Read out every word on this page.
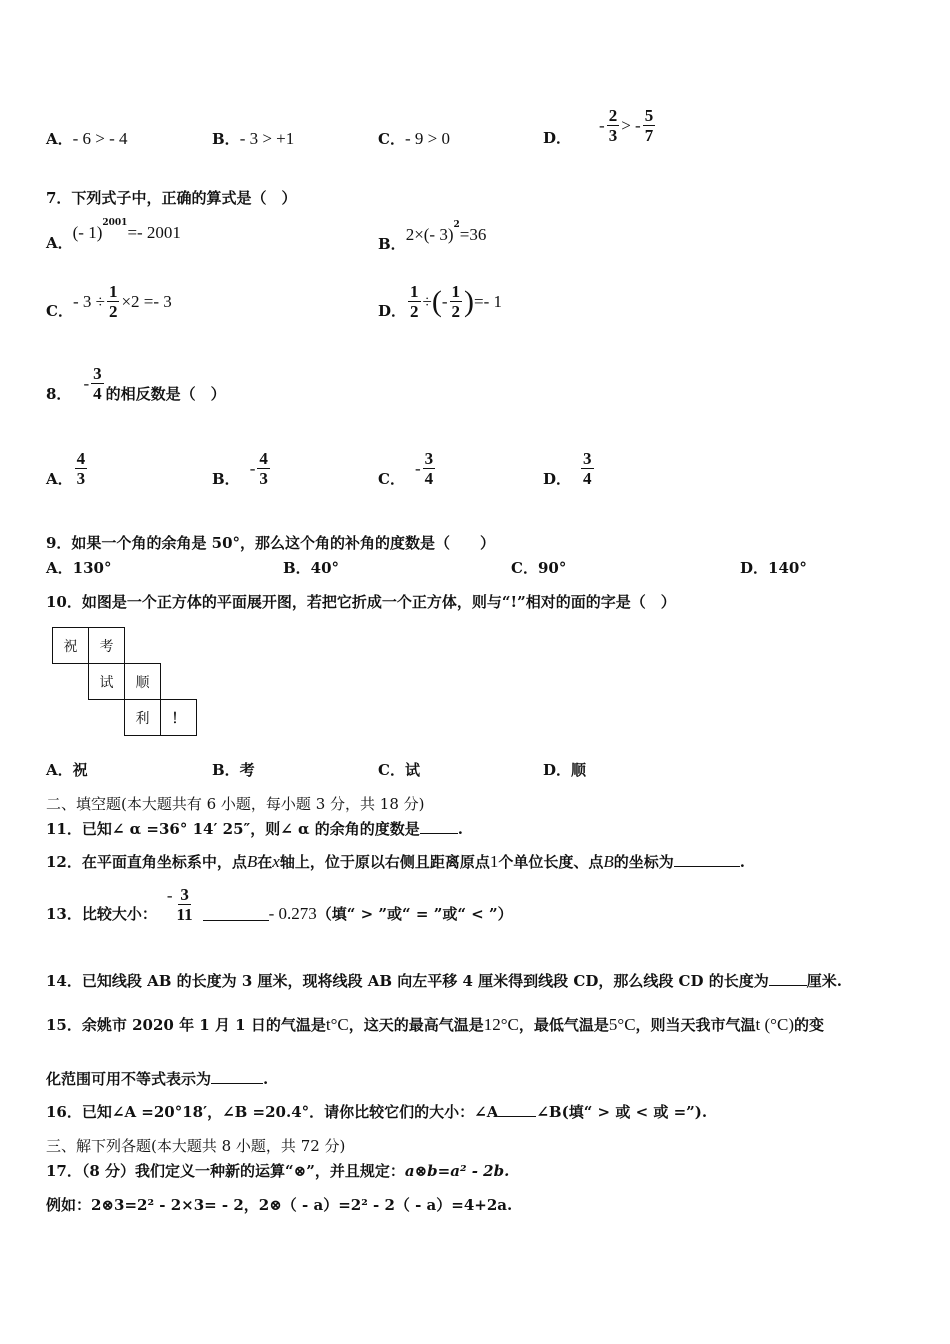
A．- 6 > - 4	B．- 3 > +1	C．- 9 > 0	D．
- $\frac{2}{3}$ > - $\frac{5}{7}$
7．下列式子中，正确的算式是（　）
A．(- 1)$^{2001}$=- 2001
B．2×(- 3)$^2$=36
C．
- $3 \div \frac{1}{2} \times 2 =- 3$
D． $\frac{1}{2}$ ÷ ( - $\frac{1}{2}$ ) =- 1
8．
- $\frac{3}{4}$ 的相反数是（　）
A． $\frac{4}{3}$	B．
- $\frac{4}{3}$	C．
- $\frac{3}{4}$	D． $\frac{3}{4}$
9．如果一个角的余角是 50°，那么这个角的补角的度数是（　　）
A．130°	B．40°	C．90°	D．140°
10．如图是一个正方体的平面展开图，若把它折成一个正方体，则与“!”相对的面的字是（　）
祝	考
试	顺
利	！
A．祝	B．考	C．试	D．顺
二、填空题(本大题共有 6 小题，每小题 3 分，共 18 分)
11．已知∠ α =36° 14′ 25″，则∠ α 的余角的度数是	.
12．在平面直角坐标系中，点B在x轴上，位于原以右侧且距离原点1个单位长度、点B的坐标为	.
13．比较大小：
- $\frac{3}{11}$	- 0.273 （填“ > ”或“ = ”或“ < ”）
14．已知线段 AB 的长度为 3 厘米，现将线段 AB 向左平移 4 厘米得到线段 CD，那么线段 CD 的长度为	厘米.
15．余姚市 2020 年 1 月 1 日的气温是t°C，这天的最高气温是12°C，最低气温是5°C，则当天我市气温t (°C)的变
化范围可用不等式表示为	.
16．已知∠A =20°18′，∠B =20.4°．请你比较它们的大小：∠A	∠B(填“ > 或 < 或 =”).
三、解下列各题(本大题共 8 小题，共 72 分)
17．（8 分）我们定义一种新的运算“⊗”，并且规定：a⊗b=a² - 2b.
例如：2⊗3=2² - 2×3= - 2，2⊗（ - a）=2² - 2（ - a）=4+2a.
